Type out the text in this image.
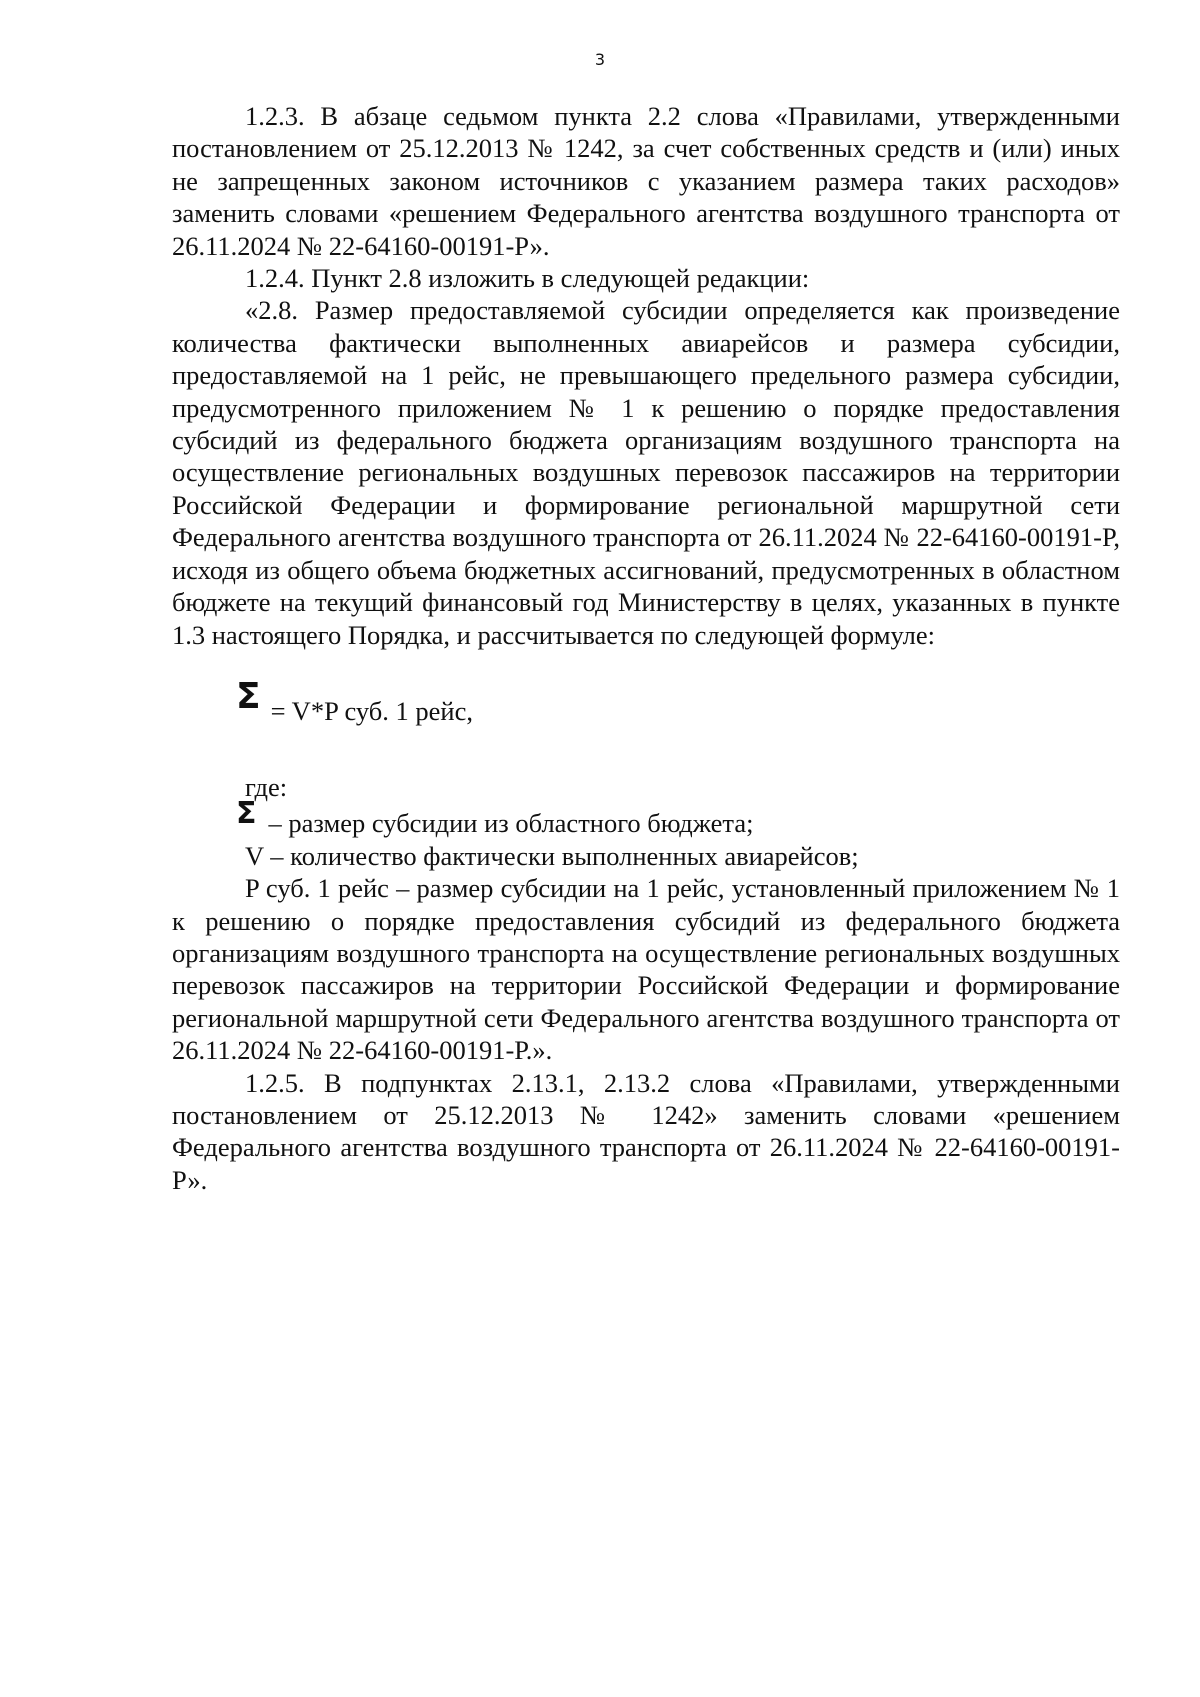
3

1.2.3. В абзаце седьмом пункта 2.2 слова «Правилами, утвержденными постановлением от 25.12.2013 № 1242, за счет собственных средств и (или) иных не запрещенных законом источников с указанием размера таких расходов» заменить словами «решением Федерального агентства воздушного транспорта от 26.11.2024 № 22-64160-00191-Р».

1.2.4. Пункт 2.8 изложить в следующей редакции:

«2.8. Размер предоставляемой субсидии определяется как произведение количества фактически выполненных авиарейсов и размера субсидии, предоставляемой на 1 рейс, не превышающего предельного размера субсидии, предусмотренного приложением № 1 к решению о порядке предоставления субсидий из федерального бюджета организациям воздушного транспорта на осуществление региональных воздушных перевозок пассажиров на территории Российской Федерации и формирование региональной маршрутной сети Федерального агентства воздушного транспорта от 26.11.2024 № 22-64160-00191-Р, исходя из общего объема бюджетных ассигнований, предусмотренных в областном бюджете на текущий финансовый год Министерству в целях, указанных в пункте 1.3 настоящего Порядка, и рассчитывается по следующей формуле:

Σ = V*P суб. 1 рейс,

где:

Σ – размер субсидии из областного бюджета;

V – количество фактически выполненных авиарейсов;

P суб. 1 рейс – размер субсидии на 1 рейс, установленный приложением № 1 к решению о порядке предоставления субсидий из федерального бюджета организациям воздушного транспорта на осуществление региональных воздушных перевозок пассажиров на территории Российской Федерации и формирование региональной маршрутной сети Федерального агентства воздушного транспорта от 26.11.2024 № 22-64160-00191-Р.».

1.2.5. В подпунктах 2.13.1, 2.13.2 слова «Правилами, утвержденными постановлением от 25.12.2013 № 1242» заменить словами «решением Федерального агентства воздушного транспорта от 26.11.2024 № 22-64160-00191-Р».
